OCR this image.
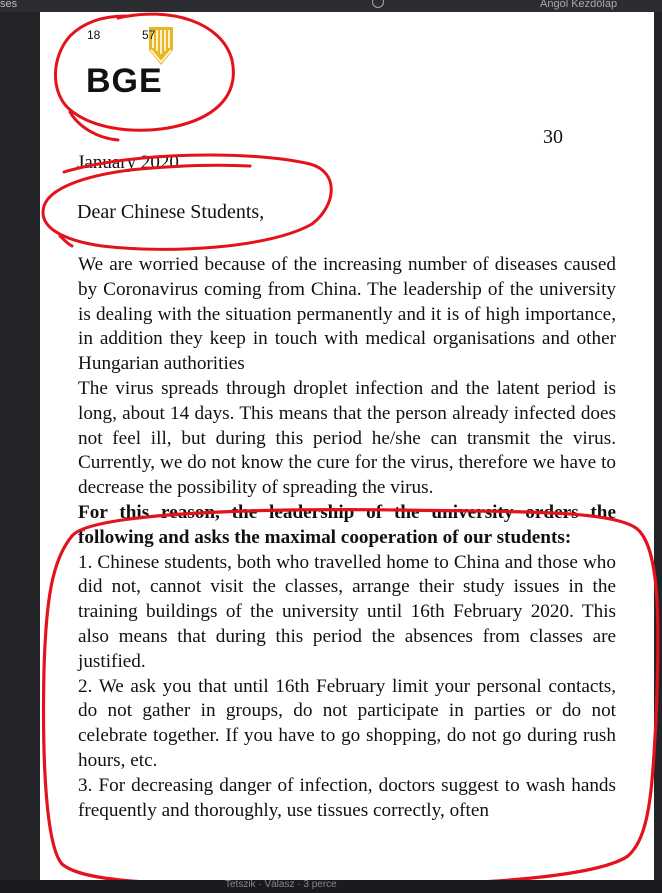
ses	Angol Kezdőlap
18	57
BGE
30
January 2020
Dear Chinese Students,

We are worried because of the increasing number of diseases caused by Coronavirus coming from China. The leadership of the university is dealing with the situation permanently and it is of high importance, in addition they keep in touch with medical organisations and other Hungarian authorities

The virus spreads through droplet infection and the latent period is long, about 14 days. This means that the person already infected does not feel ill, but during this period he/she can transmit the virus. Currently, we do not know the cure for the virus, therefore we have to decrease the possibility of spreading the virus.

For this reason, the leadership of the university orders the following and asks the maximal cooperation of our students:

1. Chinese students, both who travelled home to China and those who did not, cannot visit the classes, arrange their study issues in the training buildings of the university until 16th February 2020. This also means that during this period the absences from classes are justified.

2. We ask you that until 16th February limit your personal contacts, do not gather in groups, do not participate in parties or do not celebrate together. If you have to go shopping, do not go during rush hours, etc.

3. For decreasing danger of infection, doctors suggest to wash hands frequently and thoroughly, use tissues correctly, often

Tetszik · Válasz · 3 perce
